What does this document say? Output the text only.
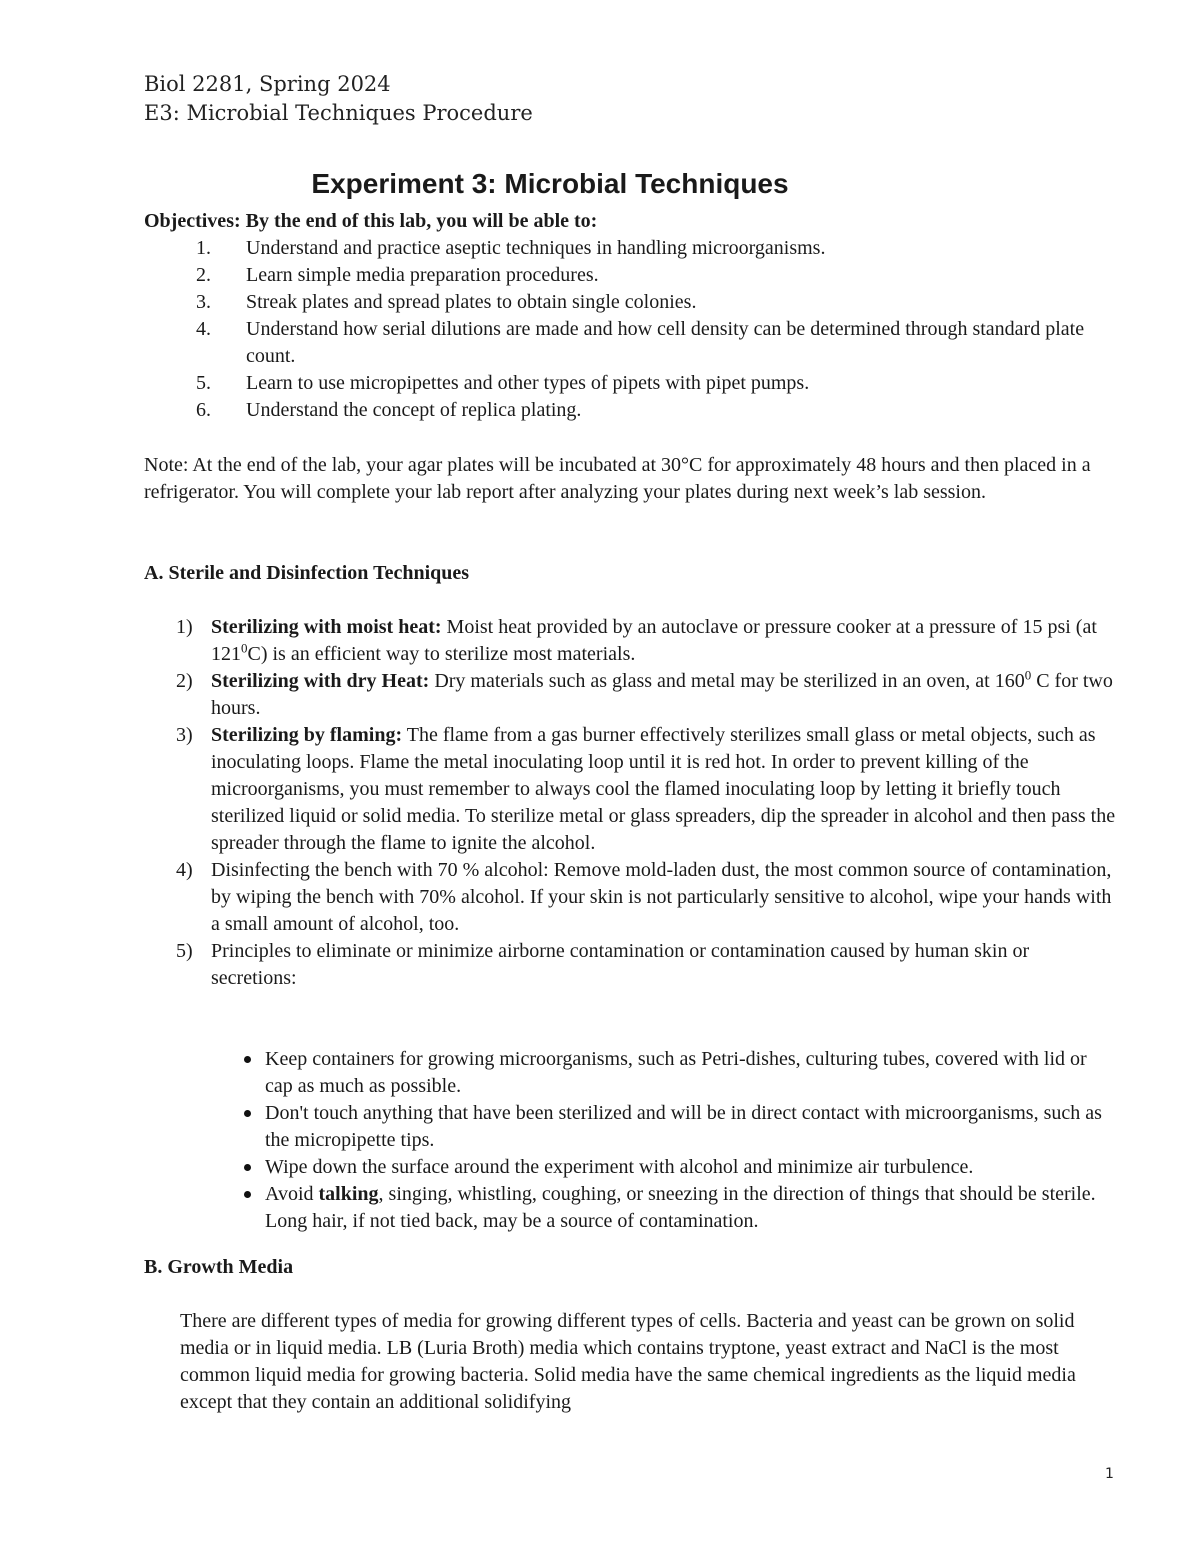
Biol 2281, Spring 2024
E3: Microbial Techniques Procedure
Experiment 3: Microbial Techniques
Objectives: By the end of this lab, you will be able to:
1. Understand and practice aseptic techniques in handling microorganisms.
2. Learn simple media preparation procedures.
3. Streak plates and spread plates to obtain single colonies.
4. Understand how serial dilutions are made and how cell density can be determined through standard plate count.
5. Learn to use micropipettes and other types of pipets with pipet pumps.
6. Understand the concept of replica plating.
Note: At the end of the lab, your agar plates will be incubated at 30°C for approximately 48 hours and then placed in a refrigerator. You will complete your lab report after analyzing your plates during next week’s lab session.
A. Sterile and Disinfection Techniques
1) Sterilizing with moist heat: Moist heat provided by an autoclave or pressure cooker at a pressure of 15 psi (at $121^0C$) is an efficient way to sterilize most materials.
2) Sterilizing with dry Heat: Dry materials such as glass and metal may be sterilized in an oven, at $160^0$ C for two hours.
3) Sterilizing by flaming: The flame from a gas burner effectively sterilizes small glass or metal objects, such as inoculating loops. Flame the metal inoculating loop until it is red hot. In order to prevent killing of the microorganisms, you must remember to always cool the flamed inoculating loop by letting it briefly touch sterilized liquid or solid media. To sterilize metal or glass spreaders, dip the spreader in alcohol and then pass the spreader through the flame to ignite the alcohol.
4) Disinfecting the bench with 70 % alcohol: Remove mold-laden dust, the most common source of contamination, by wiping the bench with 70% alcohol. If your skin is not particularly sensitive to alcohol, wipe your hands with a small amount of alcohol, too.
5) Principles to eliminate or minimize airborne contamination or contamination caused by human skin or secretions:
Keep containers for growing microorganisms, such as Petri-dishes, culturing tubes, covered with lid or cap as much as possible.
Don't touch anything that have been sterilized and will be in direct contact with microorganisms, such as the micropipette tips.
Wipe down the surface around the experiment with alcohol and minimize air turbulence.
Avoid talking, singing, whistling, coughing, or sneezing in the direction of things that should be sterile. Long hair, if not tied back, may be a source of contamination.
B. Growth Media
There are different types of media for growing different types of cells. Bacteria and yeast can be grown on solid media or in liquid media. LB (Luria Broth) media which contains tryptone, yeast extract and NaCl is the most common liquid media for growing bacteria. Solid media have the same chemical ingredients as the liquid media except that they contain an additional solidifying
1
